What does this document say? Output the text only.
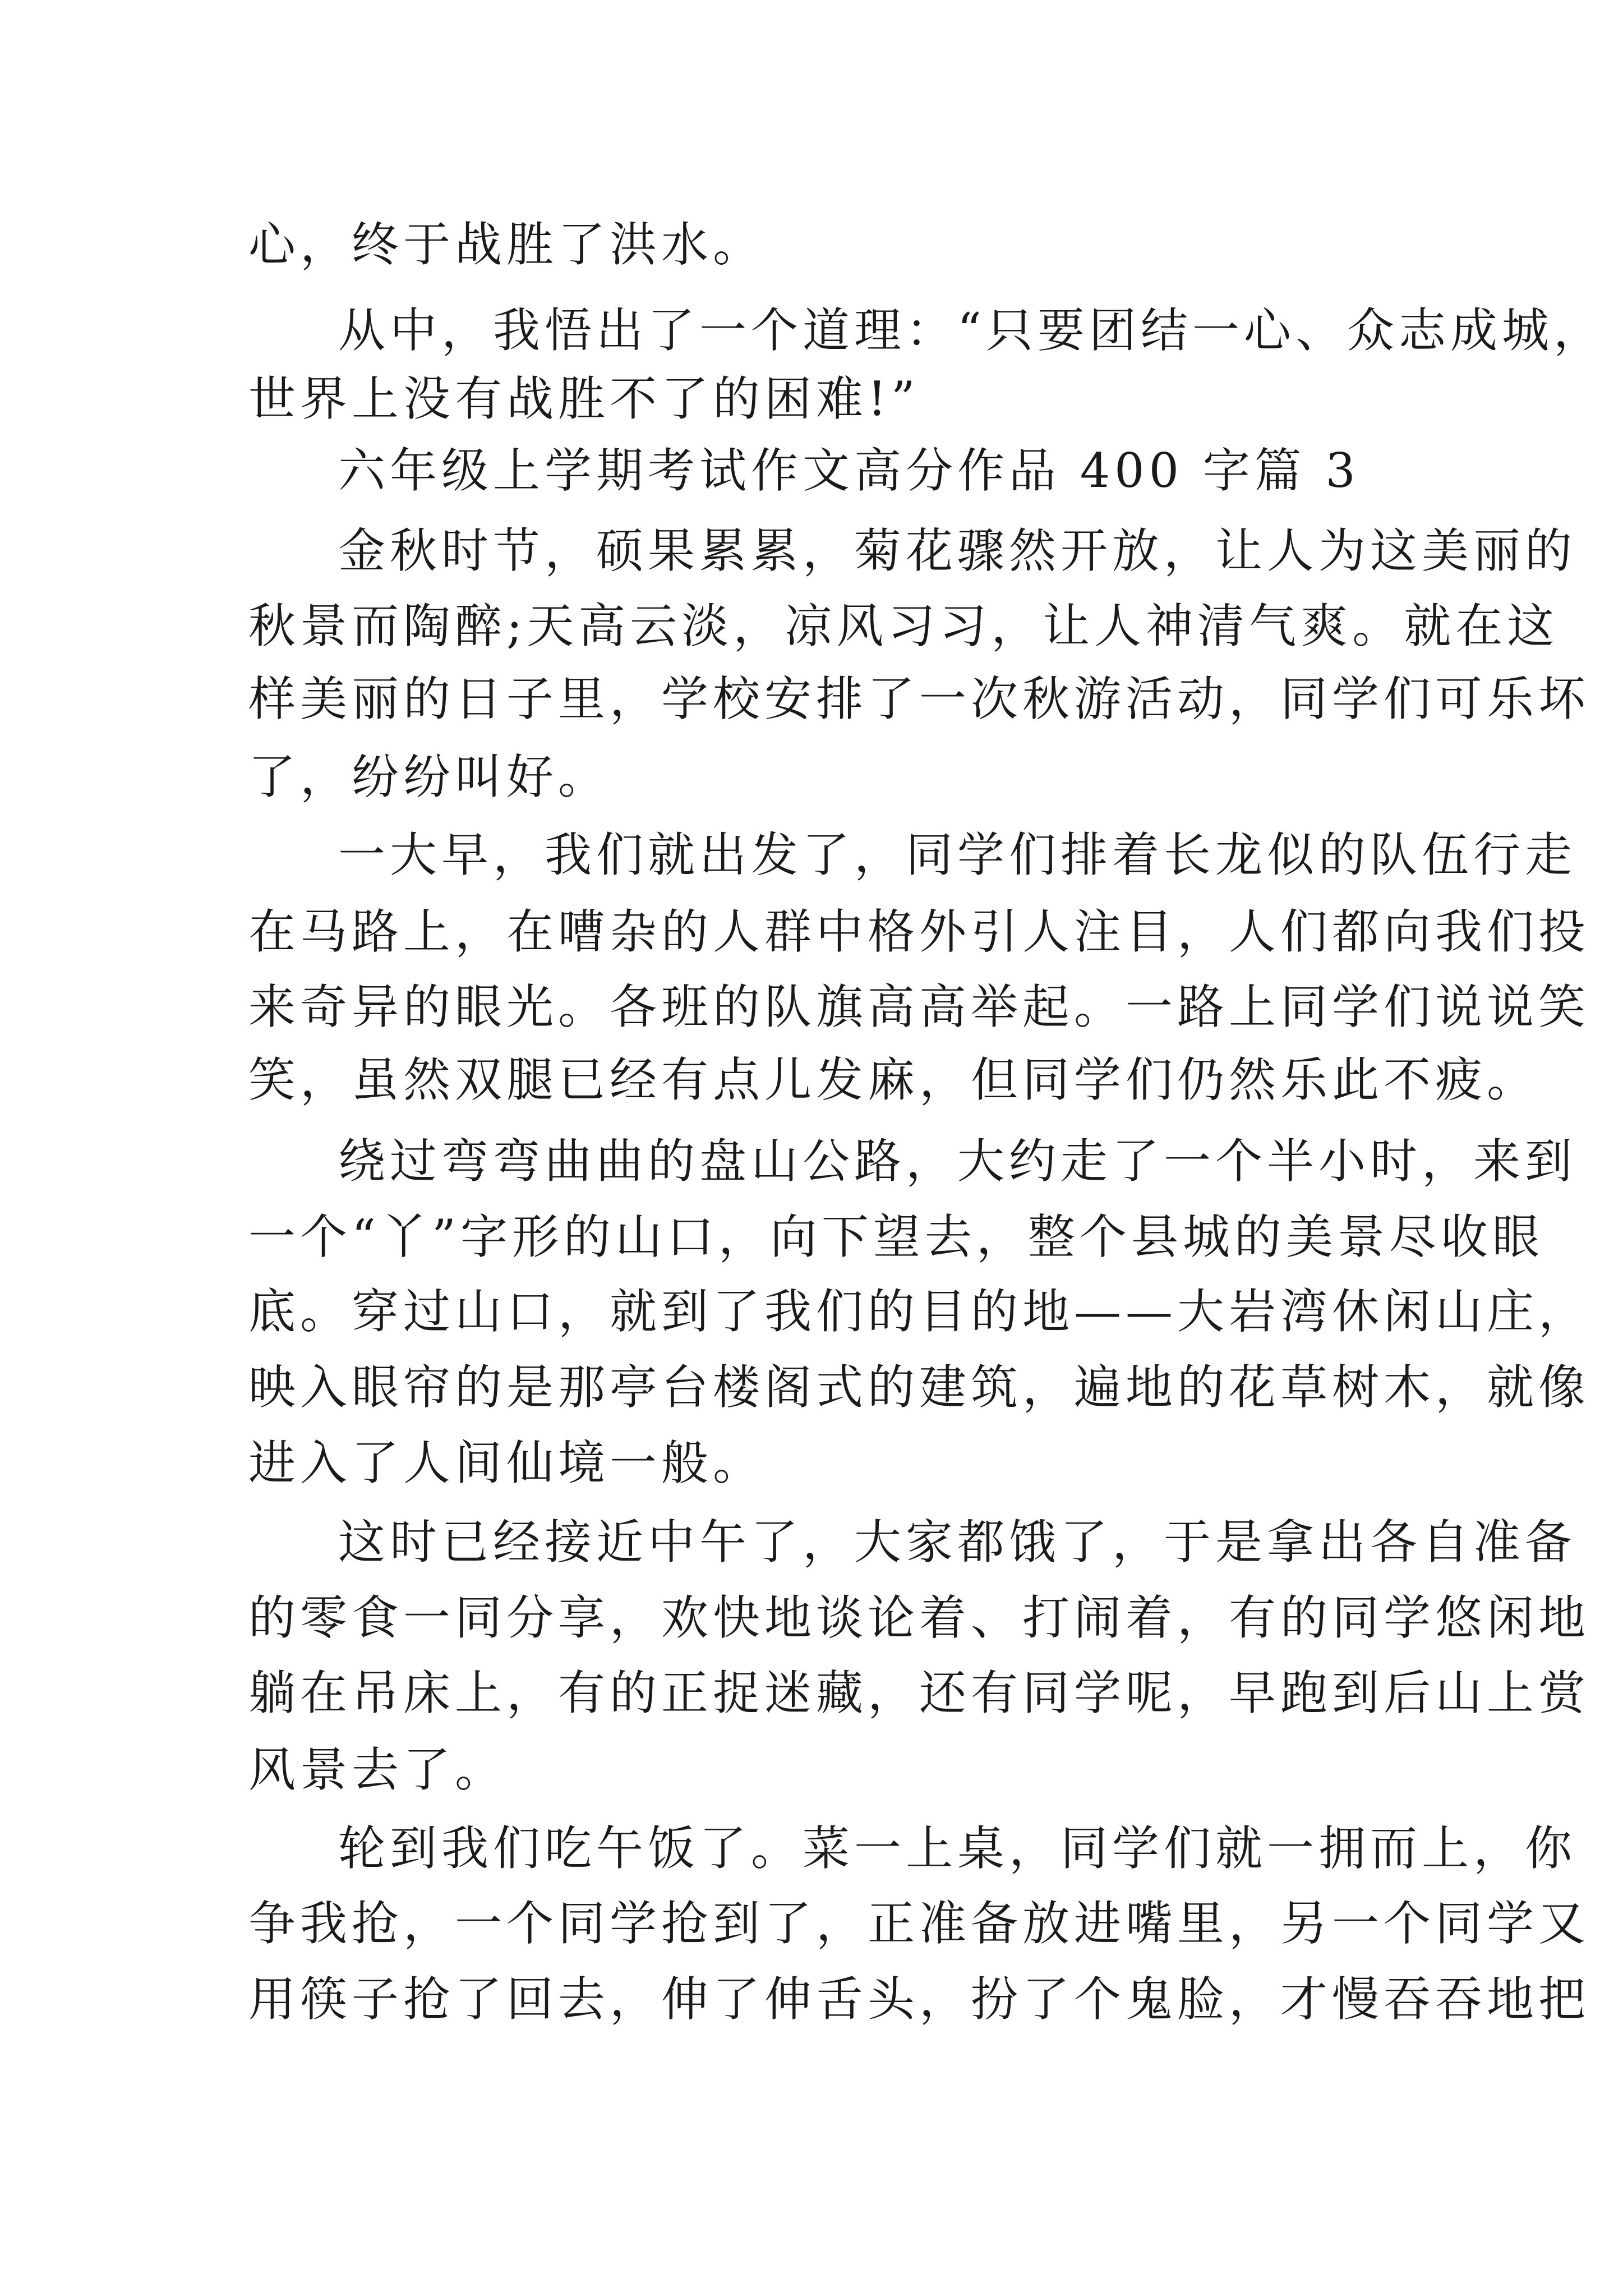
心，终于战胜了洪水。
从中，我悟出了一个道理：“只要团结一心、众志成城，
世界上没有战胜不了的困难!”
六年级上学期考试作文高分作品 400 字篇 3
金秋时节，硕果累累，菊花骤然开放，让人为这美丽的
秋景而陶醉;天高云淡，凉风习习，让人神清气爽。就在这
样美丽的日子里，学校安排了一次秋游活动，同学们可乐坏
了，纷纷叫好。
一大早，我们就出发了，同学们排着长龙似的队伍行走
在马路上，在嘈杂的人群中格外引人注目，人们都向我们投
来奇异的眼光。各班的队旗高高举起。一路上同学们说说笑
笑，虽然双腿已经有点儿发麻，但同学们仍然乐此不疲。
绕过弯弯曲曲的盘山公路，大约走了一个半小时，来到
一个“丫”字形的山口，向下望去，整个县城的美景尽收眼
底。穿过山口，就到了我们的目的地——大岩湾休闲山庄，
映入眼帘的是那亭台楼阁式的建筑，遍地的花草树木，就像
进入了人间仙境一般。
这时已经接近中午了，大家都饿了，于是拿出各自准备
的零食一同分享，欢快地谈论着、打闹着，有的同学悠闲地
躺在吊床上，有的正捉迷藏，还有同学呢，早跑到后山上赏
风景去了。
轮到我们吃午饭了。菜一上桌，同学们就一拥而上，你
争我抢，一个同学抢到了，正准备放进嘴里，另一个同学又
用筷子抢了回去，伸了伸舌头，扮了个鬼脸，才慢吞吞地把
